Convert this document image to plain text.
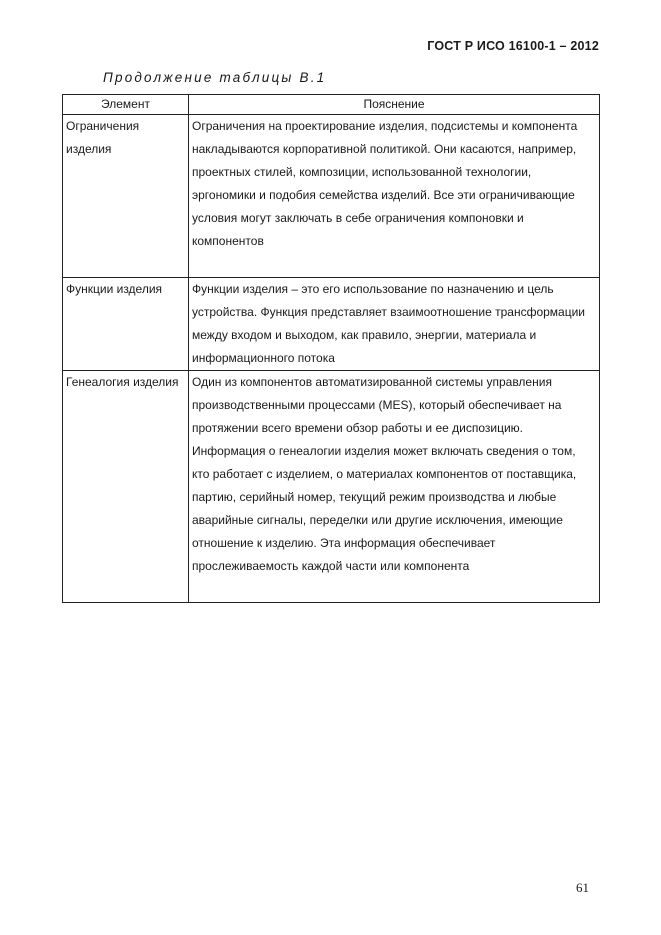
ГОСТ Р ИСО 16100-1 – 2012
Продолжение таблицы В.1
Элемент	Пояснение
Ограничения изделия	Ограничения на проектирование изделия, подсистемы и компонента накладываются корпоративной политикой. Они касаются, например, проектных стилей, композиции, использованной технологии, эргономики и подобия семейства изделий. Все эти ограничивающие условия могут заключать в себе ограничения компоновки и компонентов
Функции изделия	Функции изделия – это его использование по назначению и цель устройства. Функция представляет взаимоотношение трансформации между входом и выходом, как правило, энергии, материала и информационного потока
Генеалогия изделия	Один из компонентов автоматизированной системы управления производственными процессами (MES), который обеспечивает на протяжении всего времени обзор работы и ее диспозицию. Информация о генеалогии изделия может включать сведения о том, кто работает с изделием, о материалах компонентов от поставщика, партию, серийный номер, текущий режим производства и любые аварийные сигналы, переделки или другие исключения, имеющие отношение к изделию. Эта информация обеспечивает прослеживаемость каждой части или компонента
61
